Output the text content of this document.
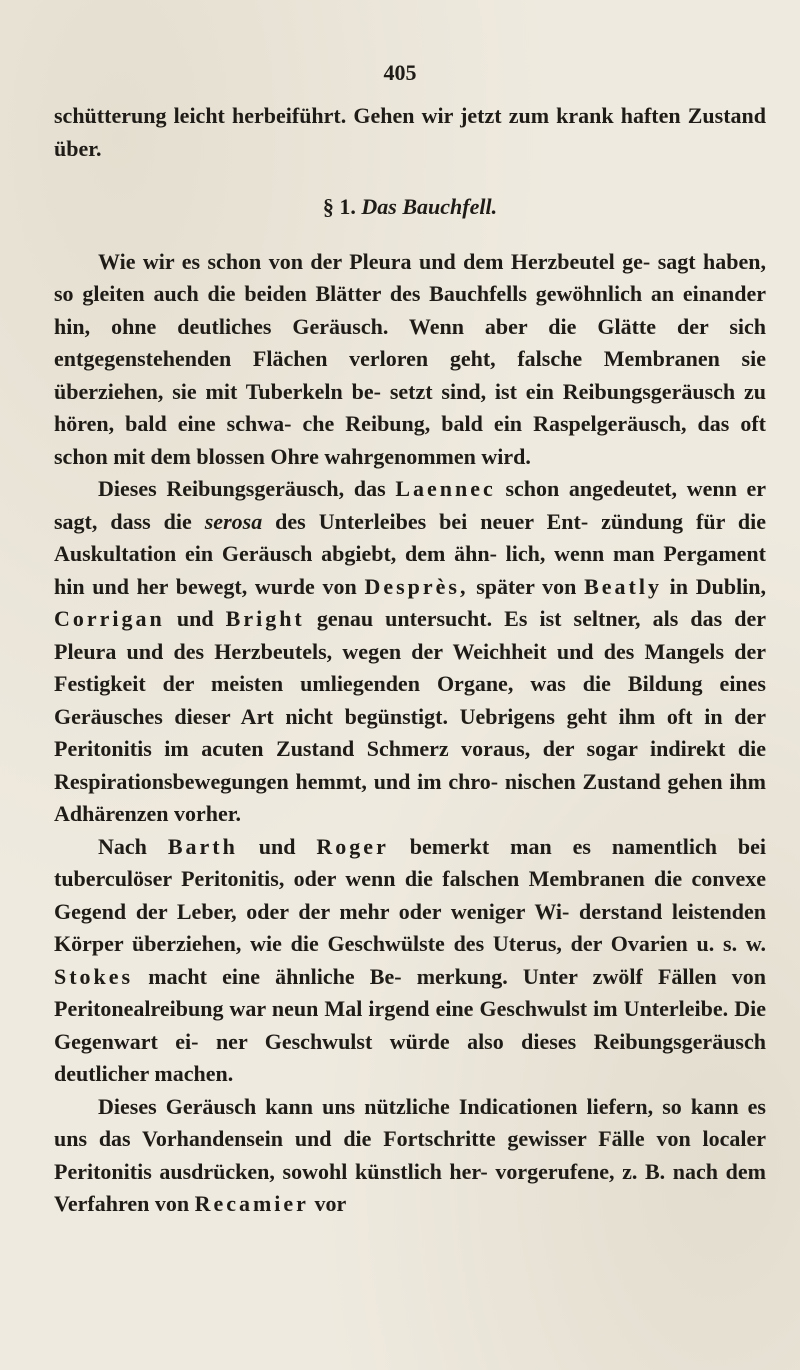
405

schütterung leicht herbeiführt. Gehen wir jetzt zum krank haften Zustand über.

§ 1. Das Bauchfell.

Wie wir es schon von der Pleura und dem Herzbeutel ge- sagt haben, so gleiten auch die beiden Blätter des Bauchfells gewöhnlich an einander hin, ohne deutliches Geräusch. Wenn aber die Glätte der sich entgegenstehenden Flächen verloren geht, falsche Membranen sie überziehen, sie mit Tuberkeln be- setzt sind, ist ein Reibungsgeräusch zu hören, bald eine schwa- che Reibung, bald ein Raspelgeräusch, das oft schon mit dem blossen Ohre wahrgenommen wird.

Dieses Reibungsgeräusch, das Laennec schon angedeutet, wenn er sagt, dass die serosa des Unterleibes bei neuer Ent- zündung für die Auskultation ein Geräusch abgiebt, dem ähn- lich, wenn man Pergament hin und her bewegt, wurde von Desprès, später von Beatly in Dublin, Corrigan und Bright genau untersucht. Es ist seltner, als das der Pleura und des Herzbeutels, wegen der Weichheit und des Mangels der Festigkeit der meisten umliegenden Organe, was die Bildung eines Geräusches dieser Art nicht begünstigt. Uebrigens geht ihm oft in der Peritonitis im acuten Zustand Schmerz voraus, der sogar indirekt die Respirationsbewegungen hemmt, und im chro- nischen Zustand gehen ihm Adhärenzen vorher.

Nach Barth und Roger bemerkt man es namentlich bei tuberculöser Peritonitis, oder wenn die falschen Membranen die convexe Gegend der Leber, oder der mehr oder weniger Wi- derstand leistenden Körper überziehen, wie die Geschwülste des Uterus, der Ovarien u. s. w. Stokes macht eine ähnliche Be- merkung. Unter zwölf Fällen von Peritonealreibung war neun Mal irgend eine Geschwulst im Unterleibe. Die Gegenwart ei- ner Geschwulst würde also dieses Reibungsgeräusch deutlicher machen.

Dieses Geräusch kann uns nützliche Indicationen liefern, so kann es uns das Vorhandensein und die Fortschritte gewisser Fälle von localer Peritonitis ausdrücken, sowohl künstlich her- vorgerufene, z. B. nach dem Verfahren von Recamier vor
